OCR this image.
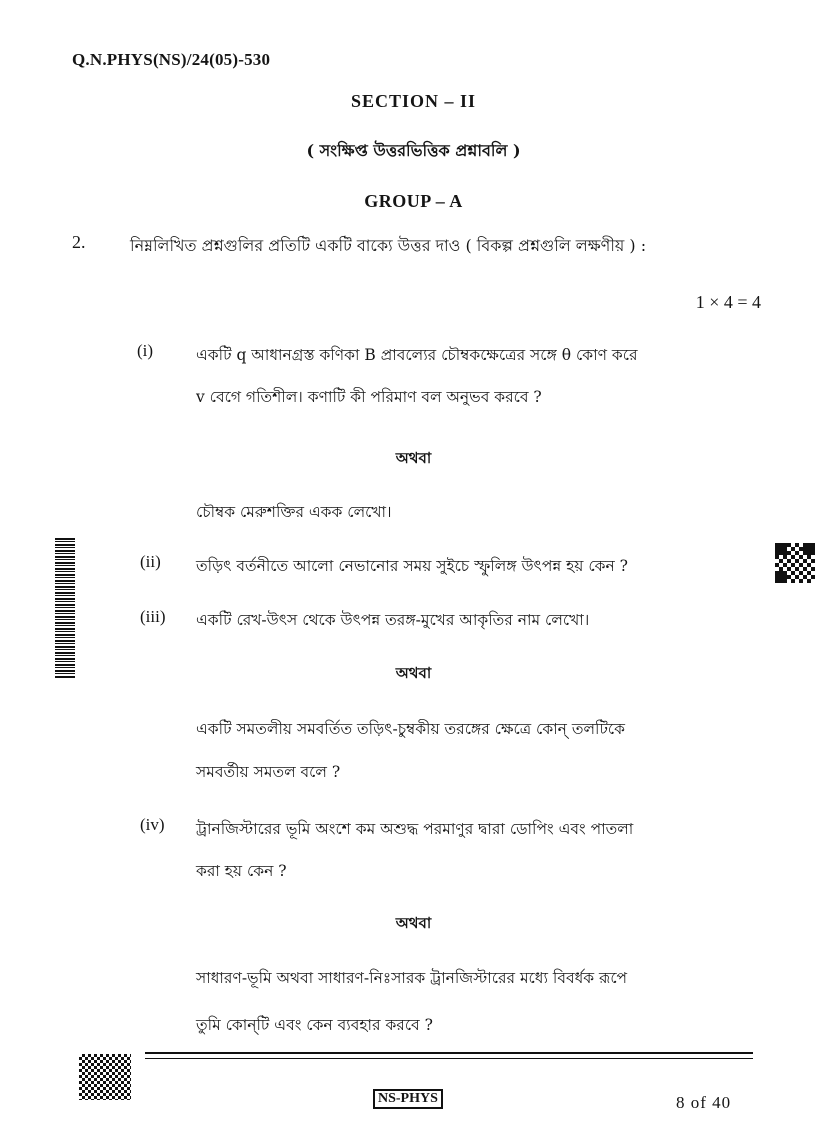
Q.N.PHYS(NS)/24(05)-530
SECTION – II
( সংক্ষিপ্ত উত্তরভিত্তিক প্রশ্নাবলি )
GROUP – A
2.	নিম্নলিখিত প্রশ্নগুলির প্রতিটি একটি বাক্যে উত্তর দাও ( বিকল্প প্রশ্নগুলি লক্ষণীয় ) :
1 × 4 = 4
(i)	একটি q আধানগ্রস্ত কণিকা B প্রাবল্যের চৌম্বকক্ষেত্রের সঙ্গে θ কোণ করে
v বেগে গতিশীল। কণাটি কী পরিমাণ বল অনুভব করবে ?
অথবা
চৌম্বক মেরুশক্তির একক লেখো।
(ii) তড়িৎ বর্তনীতে আলো নেভানোর সময় সুইচে স্ফুলিঙ্গ উৎপন্ন হয় কেন ?
(iii) একটি রেখ-উৎস থেকে উৎপন্ন তরঙ্গ-মুখের আকৃতির নাম লেখো।
অথবা
একটি সমতলীয় সমবর্তিত তড়িৎ-চুম্বকীয় তরঙ্গের ক্ষেত্রে কোন্ তলটিকে
সমবর্তীয় সমতল বলে ?
(iv) ট্রানজিস্টারের ভূমি অংশে কম অশুদ্ধ পরমাণুর দ্বারা ডোপিং এবং পাতলা
করা হয় কেন ?
অথবা
সাধারণ-ভূমি অথবা সাধারণ-নিঃসারক ট্রানজিস্টারের মধ্যে বিবর্ধক রূপে
তুমি কোন্‌টি এবং কেন ব্যবহার করবে ?
NS-PHYS	8 of 40
